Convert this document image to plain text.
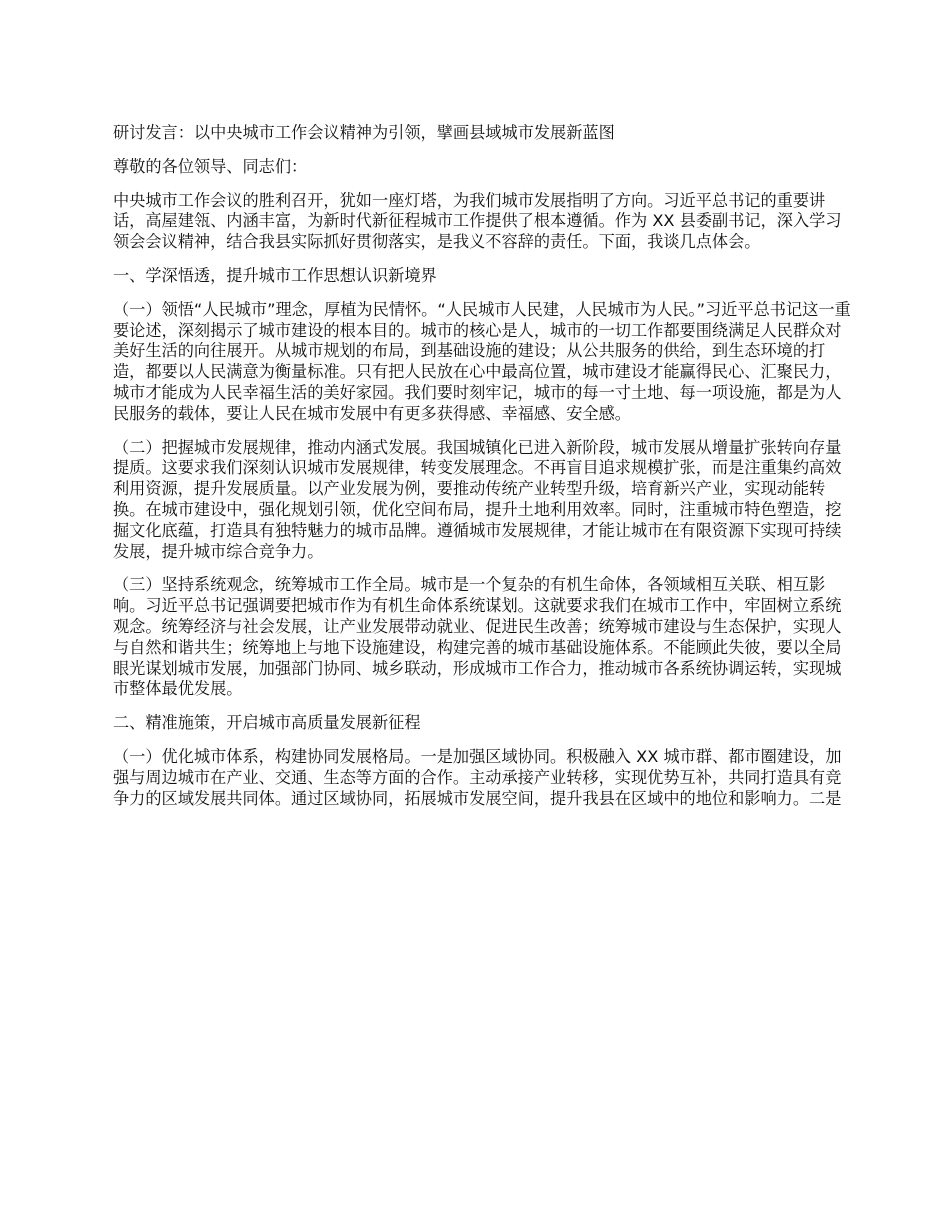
研讨发言：以中央城市工作会议精神为引领，擘画县域城市发展新蓝图

尊敬的各位领导、同志们：

中央城市工作会议的胜利召开，犹如一座灯塔，为我们城市发展指明了方向。习近平总书记的重要讲话，高屋建瓴、内涵丰富，为新时代新征程城市工作提供了根本遵循。作为 XX 县委副书记，深入学习领会会议精神，结合我县实际抓好贯彻落实，是我义不容辞的责任。下面，我谈几点体会。

一、学深悟透，提升城市工作思想认识新境界

（一）领悟“人民城市”理念，厚植为民情怀。“人民城市人民建，人民城市为人民。”习近平总书记这一重要论述，深刻揭示了城市建设的根本目的。城市的核心是人，城市的一切工作都要围绕满足人民群众对美好生活的向往展开。从城市规划的布局，到基础设施的建设；从公共服务的供给，到生态环境的打造，都要以人民满意为衡量标准。只有把人民放在心中最高位置，城市建设才能赢得民心、汇聚民力，城市才能成为人民幸福生活的美好家园。我们要时刻牢记，城市的每一寸土地、每一项设施，都是为人民服务的载体，要让人民在城市发展中有更多获得感、幸福感、安全感。

（二）把握城市发展规律，推动内涵式发展。我国城镇化已进入新阶段，城市发展从增量扩张转向存量提质。这要求我们深刻认识城市发展规律，转变发展理念。不再盲目追求规模扩张，而是注重集约高效利用资源，提升发展质量。以产业发展为例，要推动传统产业转型升级，培育新兴产业，实现动能转换。在城市建设中，强化规划引领，优化空间布局，提升土地利用效率。同时，注重城市特色塑造，挖掘文化底蕴，打造具有独特魅力的城市品牌。遵循城市发展规律，才能让城市在有限资源下实现可持续发展，提升城市综合竞争力。

（三）坚持系统观念，统筹城市工作全局。城市是一个复杂的有机生命体，各领域相互关联、相互影响。习近平总书记强调要把城市作为有机生命体系统谋划。这就要求我们在城市工作中，牢固树立系统观念。统筹经济与社会发展，让产业发展带动就业、促进民生改善；统筹城市建设与生态保护，实现人与自然和谐共生；统筹地上与地下设施建设，构建完善的城市基础设施体系。不能顾此失彼，要以全局眼光谋划城市发展，加强部门协同、城乡联动，形成城市工作合力，推动城市各系统协调运转，实现城市整体最优发展。

二、精准施策，开启城市高质量发展新征程

（一）优化城市体系，构建协同发展格局。一是加强区域协同。积极融入 XX 城市群、都市圈建设，加强与周边城市在产业、交通、生态等方面的合作。主动承接产业转移，实现优势互补，共同打造具有竞争力的区域发展共同体。通过区域协同，拓展城市发展空间，提升我县在区域中的地位和影响力。二是
